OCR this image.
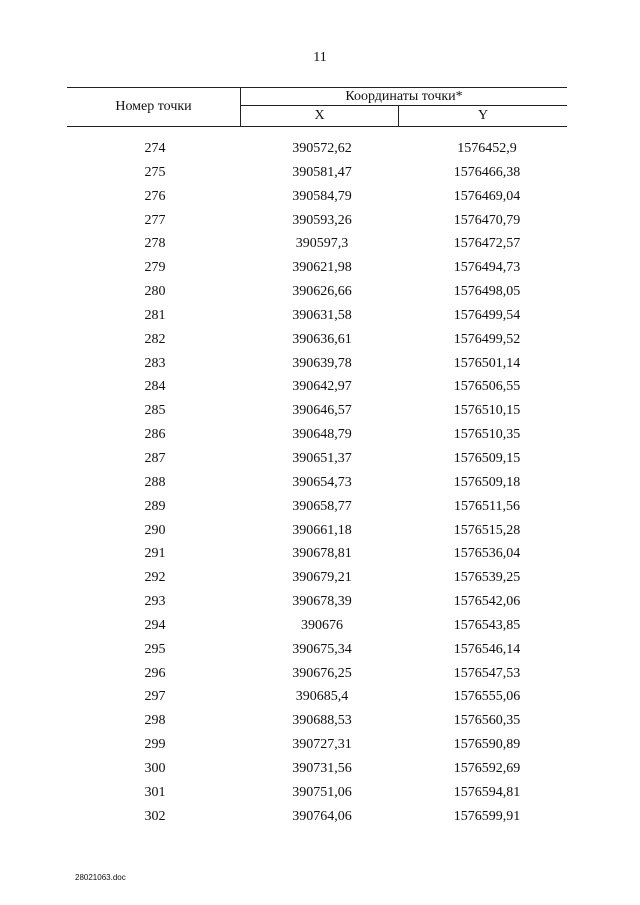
11
Номер точки
Координаты точки*
X	Y
274	390572,62	1576452,9
275	390581,47	1576466,38
276	390584,79	1576469,04
277	390593,26	1576470,79
278	390597,3	1576472,57
279	390621,98	1576494,73
280	390626,66	1576498,05
281	390631,58	1576499,54
282	390636,61	1576499,52
283	390639,78	1576501,14
284	390642,97	1576506,55
285	390646,57	1576510,15
286	390648,79	1576510,35
287	390651,37	1576509,15
288	390654,73	1576509,18
289	390658,77	1576511,56
290	390661,18	1576515,28
291	390678,81	1576536,04
292	390679,21	1576539,25
293	390678,39	1576542,06
294	390676	1576543,85
295	390675,34	1576546,14
296	390676,25	1576547,53
297	390685,4	1576555,06
298	390688,53	1576560,35
299	390727,31	1576590,89
300	390731,56	1576592,69
301	390751,06	1576594,81
302	390764,06	1576599,91
28021063.doc
